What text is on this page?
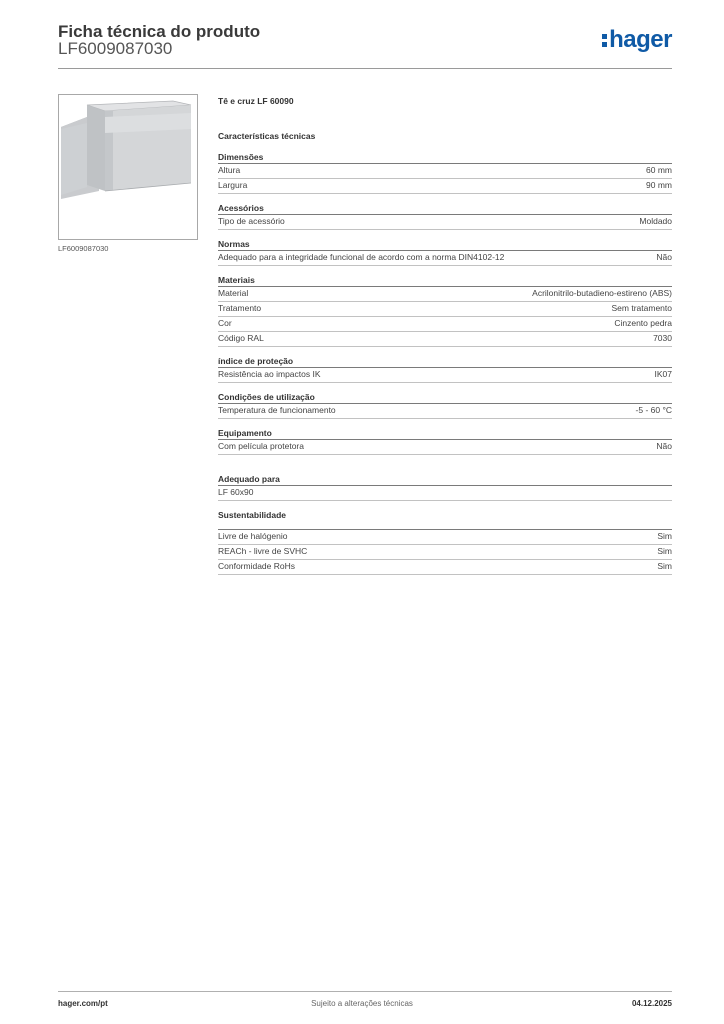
Ficha técnica do produto
LF6009087030	hager
LF6009087030
Tê e cruz LF 60090
Características técnicas
Dimensões
Altura	60 mm
Largura	90 mm
Acessórios
Tipo de acessório	Moldado
Normas
Adequado para a integridade funcional de acordo com a norma DIN4102-12	Não
Materiais
Material	Acrilonitrilo-butadieno-estireno (ABS)
Tratamento	Sem tratamento
Cor	Cinzento pedra
Código RAL	7030
índice de proteção
Resistência ao impactos IK	IK07
Condições de utilização
Temperatura de funcionamento	-5 - 60 °C
Equipamento
Com película protetora	Não
Adequado para
LF 60x90
Sustentabilidade
Livre de halógenio	Sim
REACh - livre de SVHC	Sim
Conformidade RoHs	Sim
hager.com/pt	Sujeito a alterações técnicas	04.12.2025
